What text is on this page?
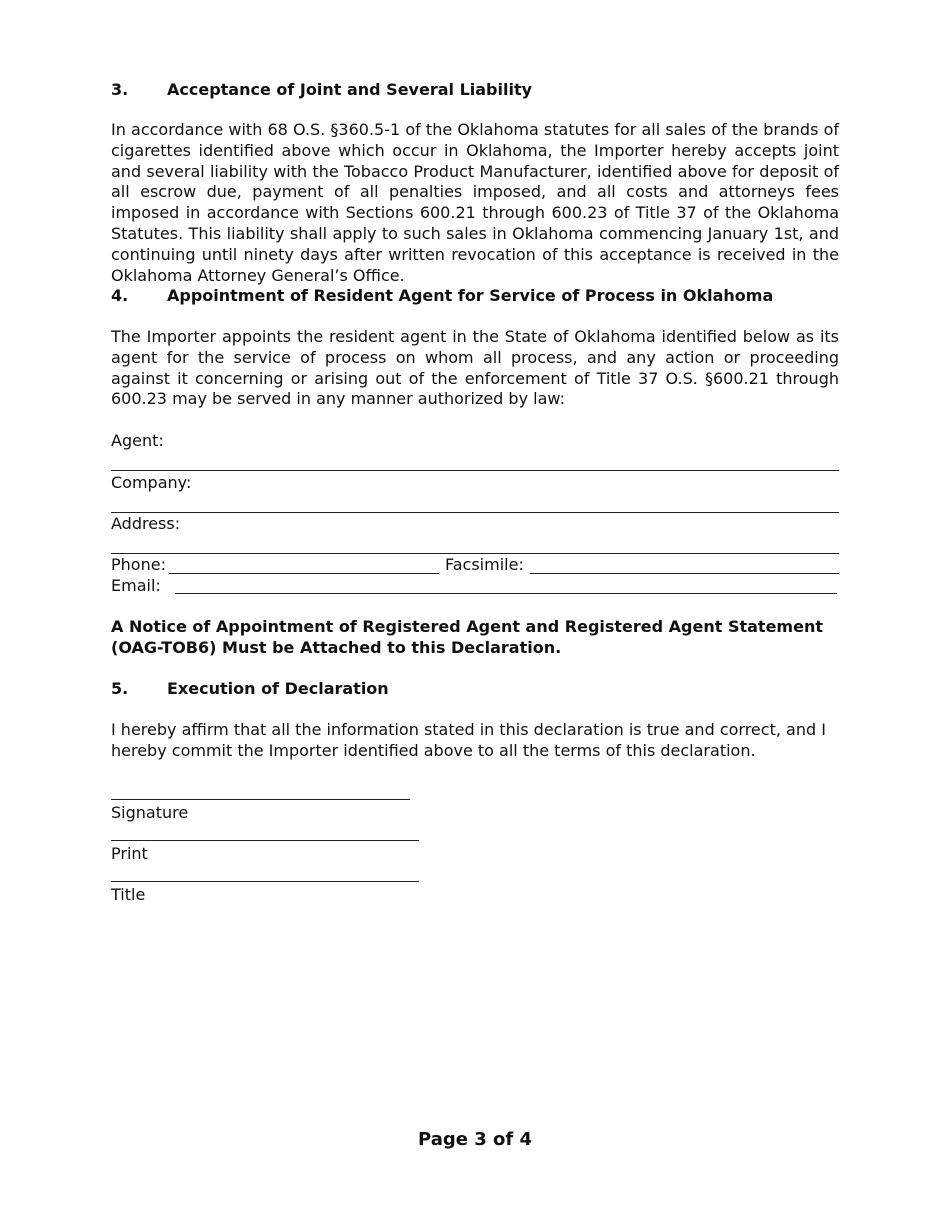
3. Acceptance of Joint and Several Liability
In accordance with 68 O.S. §360.5-1 of the Oklahoma statutes for all sales of the brands of cigarettes identified above which occur in Oklahoma, the Importer hereby accepts joint and several liability with the Tobacco Product Manufacturer, identified above for deposit of all escrow due, payment of all penalties imposed, and all costs and attorneys fees imposed in accordance with Sections 600.21 through 600.23 of Title 37 of the Oklahoma Statutes. This liability shall apply to such sales in Oklahoma commencing January 1st, and continuing until ninety days after written revocation of this acceptance is received in the Oklahoma Attorney General’s Office.
4. Appointment of Resident Agent for Service of Process in Oklahoma
The Importer appoints the resident agent in the State of Oklahoma identified below as its agent for the service of process on whom all process, and any action or proceeding against it concerning or arising out of the enforcement of Title 37 O.S. §600.21 through 600.23 may be served in any manner authorized by law:
Agent:
Company:
Address:
Phone:	Facsimile:
Email:
A Notice of Appointment of Registered Agent and Registered Agent Statement (OAG-TOB6) Must be Attached to this Declaration.
5. Execution of Declaration
I hereby affirm that all the information stated in this declaration is true and correct, and I hereby commit the Importer identified above to all the terms of this declaration.
Signature
Print
Title
Page 3 of 4
